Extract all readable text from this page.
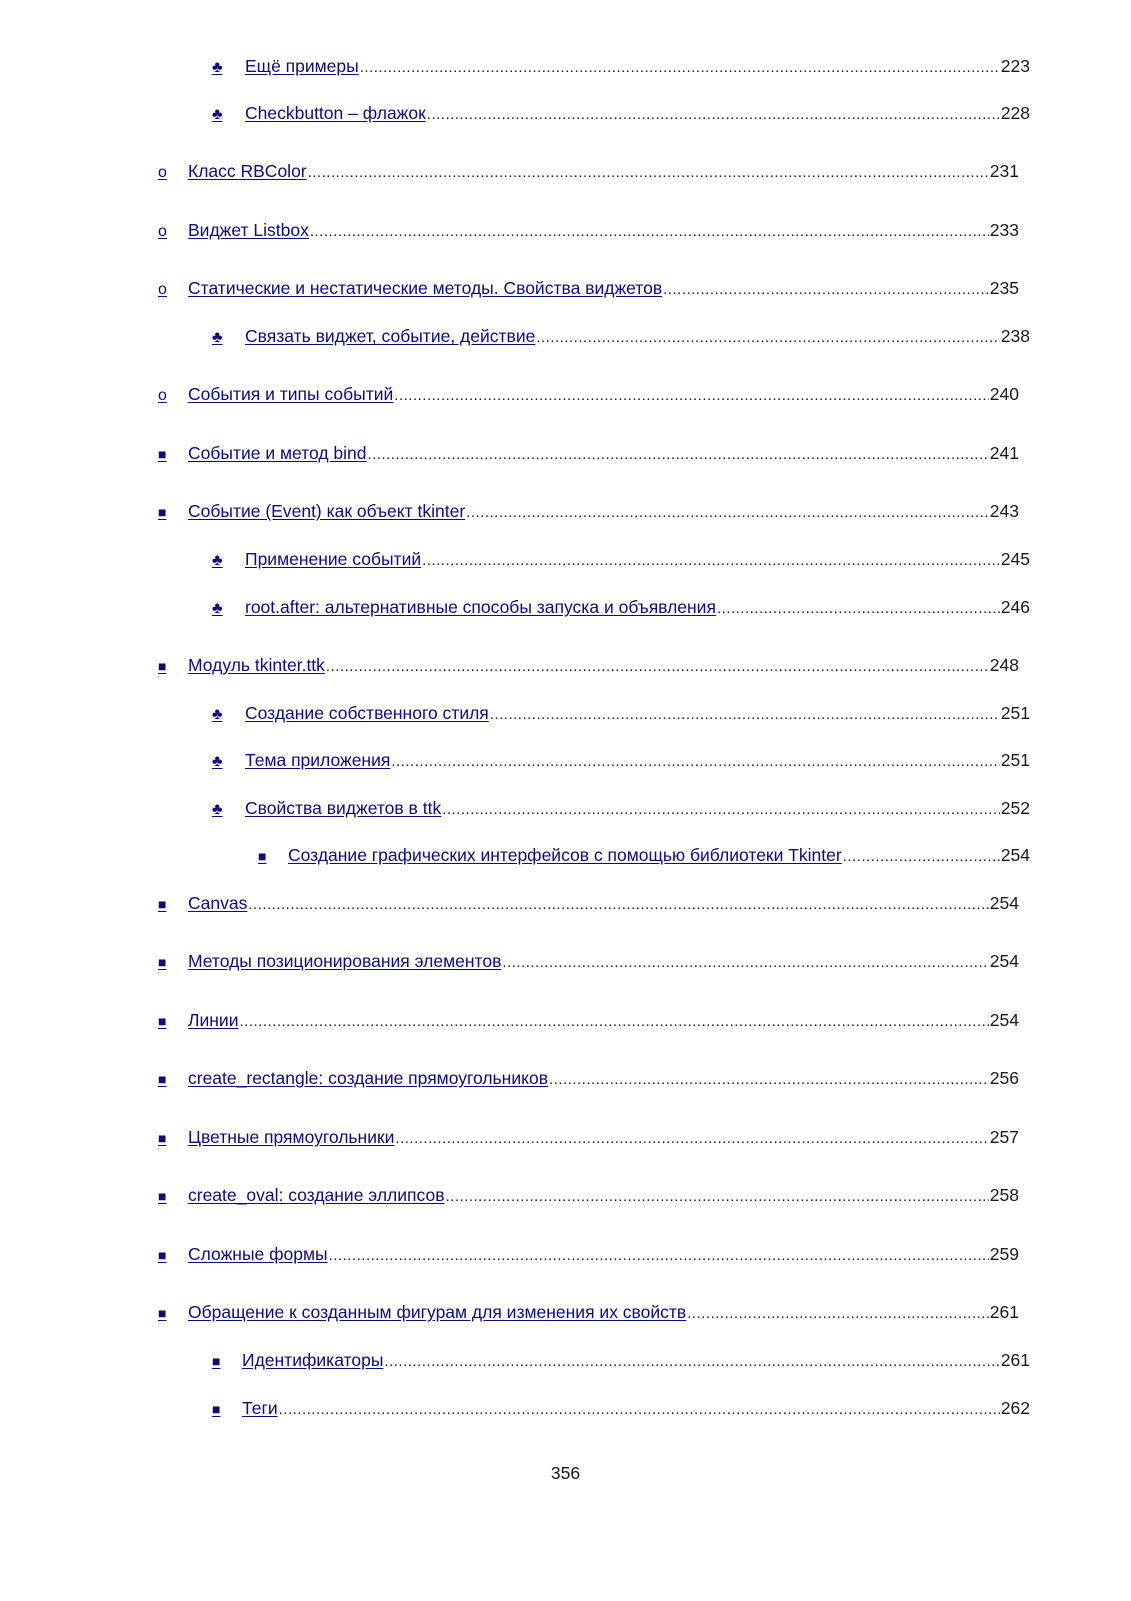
♣	Ещё примеры .....	223
♣	Checkbutton – флажок .....	228
o	Класс RBColor .....	231
o	Виджет Listbox .....	233
o	Статические и нестатические методы. Свойства виджетов .....	235
♣	Связать виджет, событие, действие .....	238
o	События и типы событий .....	240
■	Событие и метод bind .....	241
■	Событие (Event) как объект tkinter .....	243
♣	Применение событий .....	245
♣	root.after: альтернативные способы запуска и объявления .....	246
■	Модуль tkinter.ttk .....	248
♣	Создание собственного стиля .....	251
♣	Тема приложения .....	251
♣	Свойства виджетов в ttk .....	252
■	Создание графических интерфейсов с помощью библиотеки Tkinter .....	254
■	Canvas .....	254
■	Методы позиционирования элементов .....	254
■	Линии .....	254
■	create_rectangle: создание прямоугольников .....	256
■	Цветные прямоугольники .....	257
■	create_oval: создание эллипсов .....	258
■	Сложные формы .....	259
■	Обращение к созданным фигурам для изменения их свойств .....	261
■	Идентификаторы .....	261
■	Теги .....	262
356
